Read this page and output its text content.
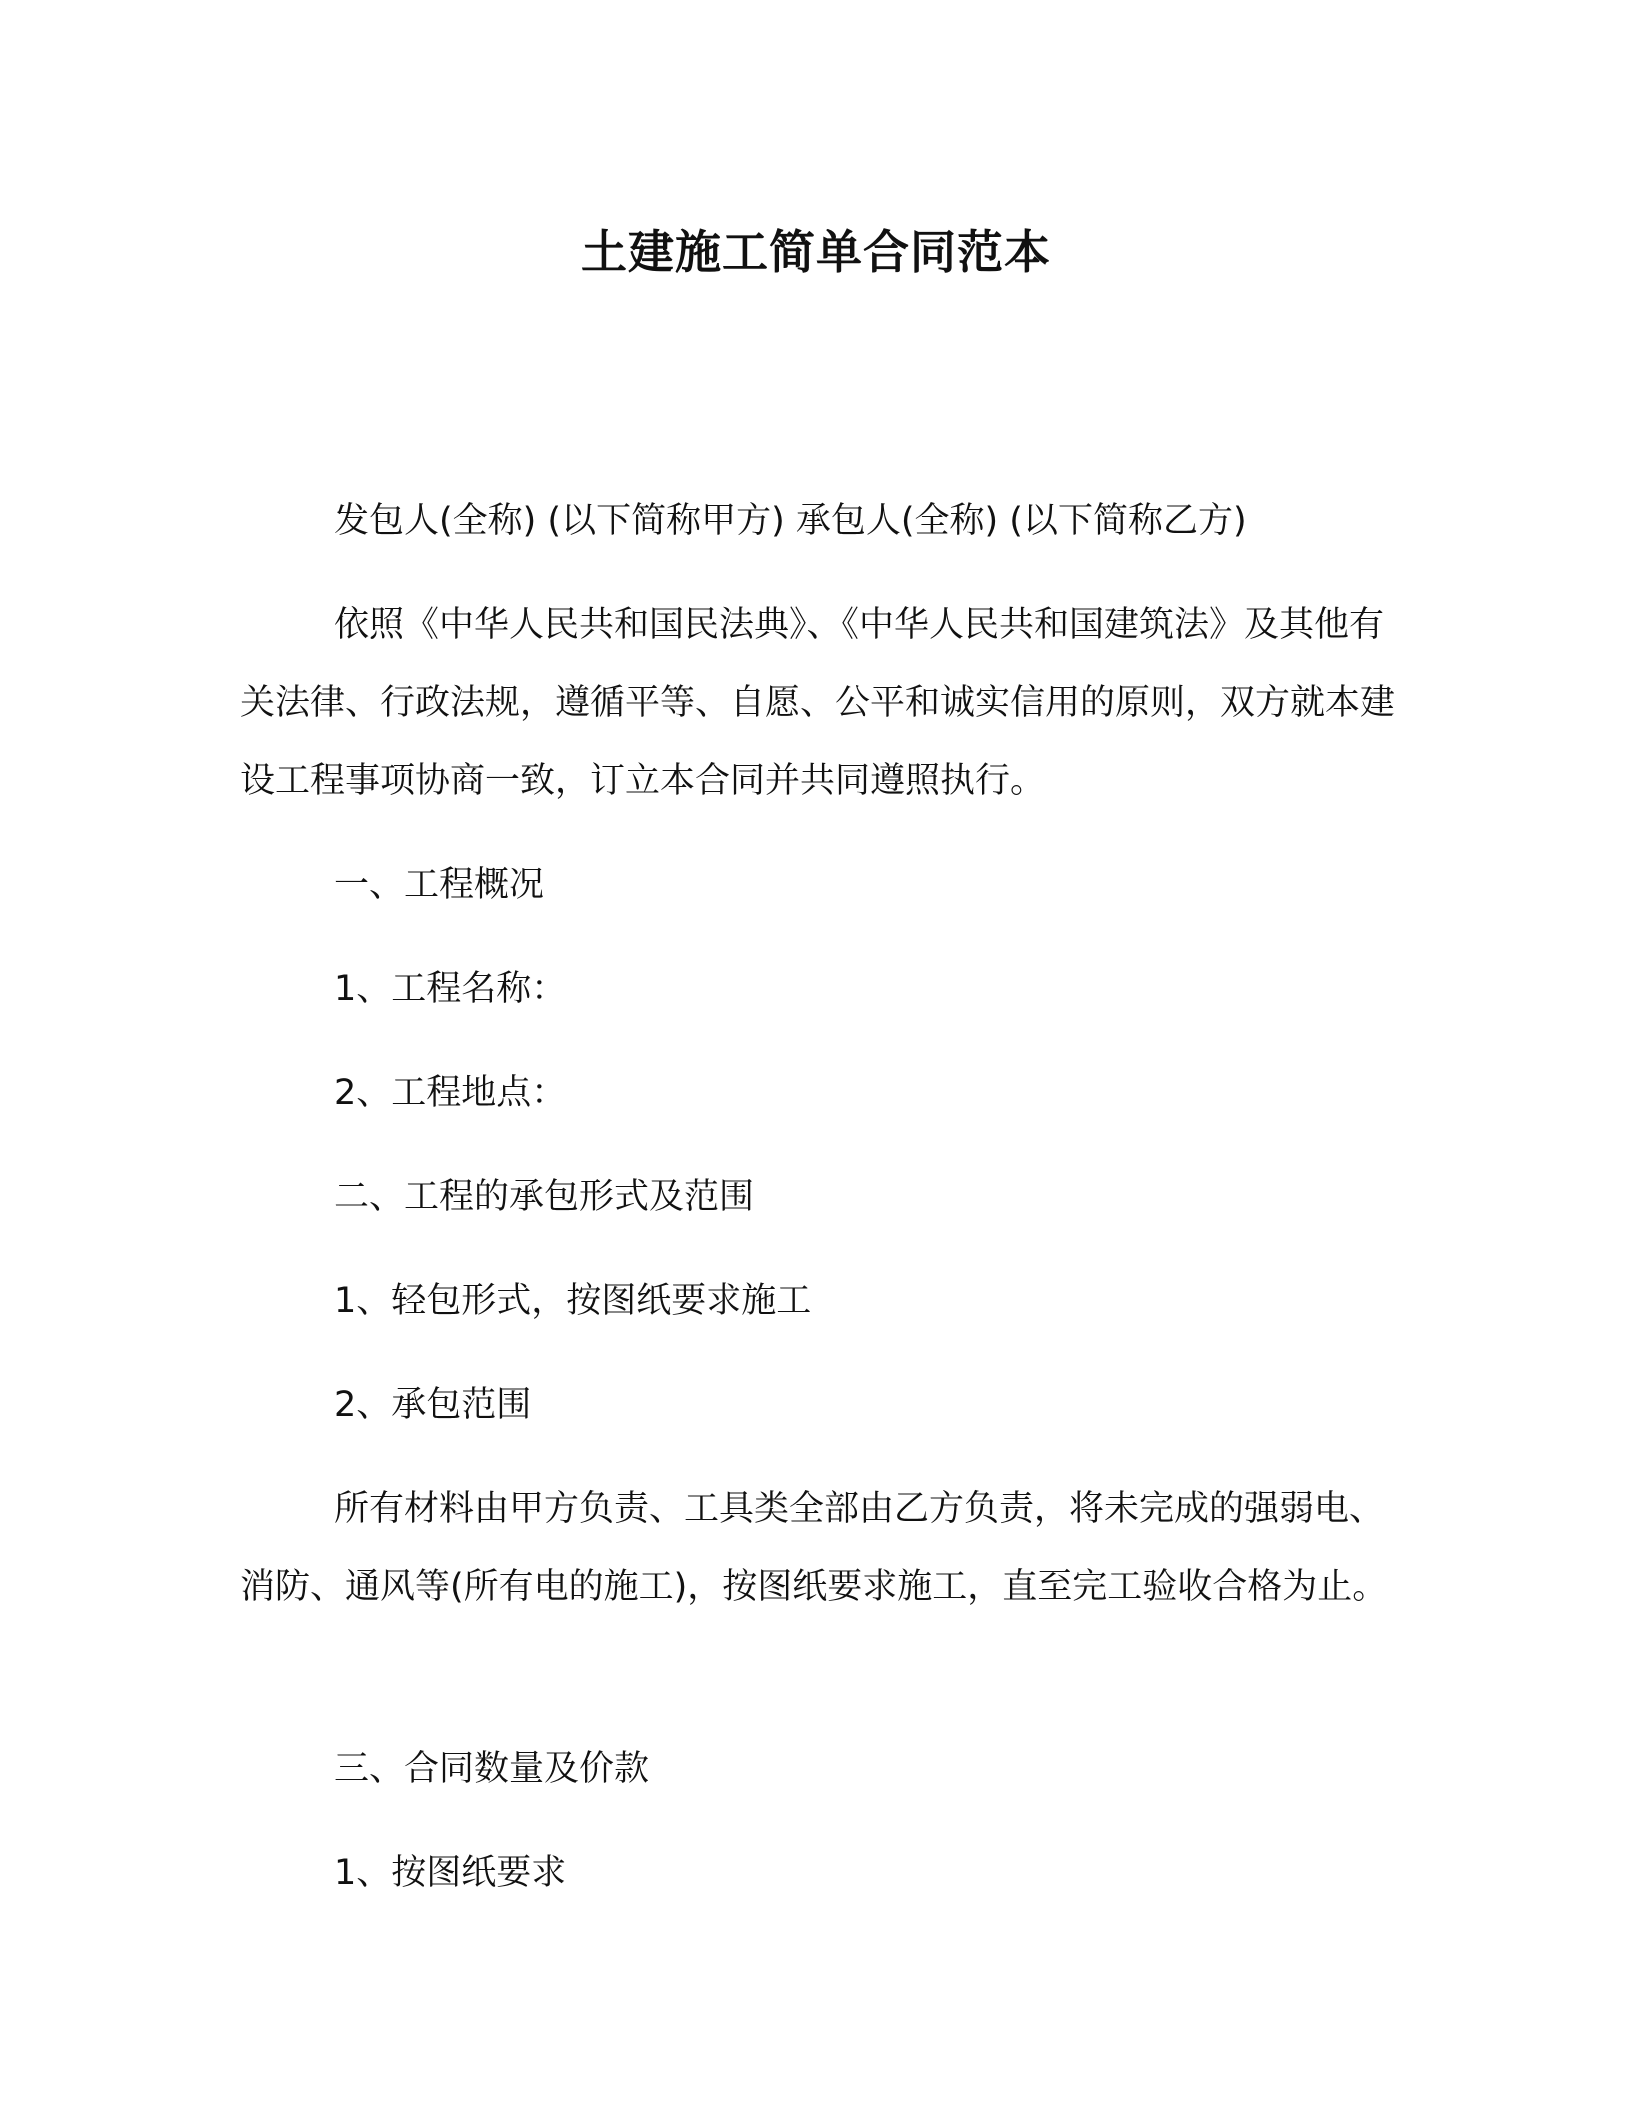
土建施工简单合同范本

发包人(全称) (以下简称甲方) 承包人(全称) (以下简称乙方)

依照《中华人民共和国民法典》、《中华人民共和国建筑法》及其他有关法律、行政法规，遵循平等、自愿、公平和诚实信用的原则，双方就本建设工程事项协商一致，订立本合同并共同遵照执行。

一、工程概况

1、工程名称：

2、工程地点：

二、工程的承包形式及范围

1、轻包形式，按图纸要求施工

2、承包范围

所有材料由甲方负责、工具类全部由乙方负责，将未完成的强弱电、消防、通风等(所有电的施工)，按图纸要求施工，直至完工验收合格为止。

三、合同数量及价款

1、按图纸要求
